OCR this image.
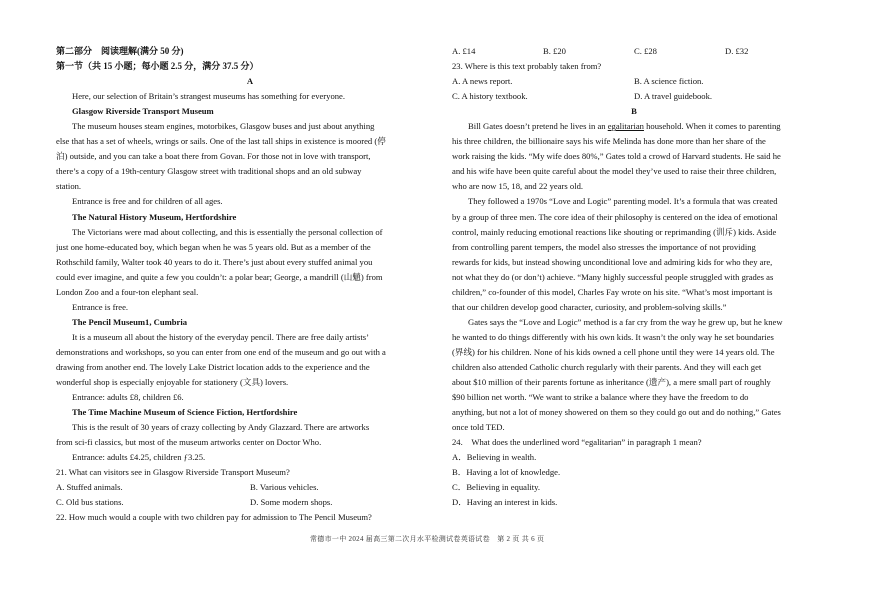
第二部分　阅读理解(满分 50 分)
第一节（共 15 小题；每小题 2.5 分，满分 37.5 分）
A
Here, our selection of Britain’s strangest museums has something for everyone.
Glasgow Riverside Transport Museum
The museum houses steam engines, motorbikes, Glasgow buses and just about anything
else that has a set of wheels, wrings or sails. One of the last tall ships in existence is moored (停
泊) outside, and you can take a boat there from Govan. For those not in love with transport,
there’s a copy of a 19th-century Glasgow street with traditional shops and an old subway
station.
Entrance is free and for children of all ages.
The Natural History Museum, Hertfordshire
The Victorians were mad about collecting, and this is essentially the personal collection of
just one home-educated boy, which began when he was 5 years old. But as a member of the
Rothschild family, Walter took 40 years to do it. There’s just about every stuffed animal you
could ever imagine, and quite a few you couldn’t: a polar bear; George, a mandrill (山魈) from
London Zoo and a four-ton elephant seal.
Entrance is free.
The Pencil Museum1, Cumbria
It is a museum all about the history of the everyday pencil. There are free daily artists’
demonstrations and workshops, so you can enter from one end of the museum and go out with a
drawing from another end. The lovely Lake District location adds to the experience and the
wonderful shop is especially enjoyable for stationery (文具) lovers.
Entrance: adults £8, children £6.
The Time Machine Museum of Science Fiction, Hertfordshire
This is the result of 30 years of crazy collecting by Andy Glazzard. There are artworks
from sci-fi classics, but most of the museum artworks center on Doctor Who.
Entrance: adults £4.25, children ƒ3.25.
21. What can visitors see in Glasgow Riverside Transport Museum?
A. Stuffed animals.	B. Various vehicles.
C. Old bus stations.	D. Some modern shops.
22. How much would a couple with two children pay for admission to The Pencil Museum?
A. £14	B. £20	C. £28	D. £32
23. Where is this text probably taken from?
A. A news report.	B. A science fiction.
C. A history textbook.	D. A travel guidebook.
B
Bill Gates doesn’t pretend he lives in an egalitarian household. When it comes to parenting
his three children, the billionaire says his wife Melinda has done more than her share of the
work raising the kids. “My wife does 80%,” Gates told a crowd of Harvard students. He said he
and his wife have been quite careful about the model they’ve used to raise their three children,
who are now 15, 18, and 22 years old.
They followed a 1970s “Love and Logic” parenting model. It’s a formula that was created
by a group of three men. The core idea of their philosophy is centered on the idea of emotional
control, mainly reducing emotional reactions like shouting or reprimanding (训斥) kids. Aside
from controlling parent tempers, the model also stresses the importance of not providing
rewards for kids, but instead showing unconditional love and admiring kids for who they are,
not what they do (or don’t) achieve. “Many highly successful people struggled with grades as
children,” co-founder of this model, Charles Fay wrote on his site. “What’s most important is
that our children develop good character, curiosity, and problem-solving skills.”
Gates says the “Love and Logic” method is a far cry from the way he grew up, but he knew
he wanted to do things differently with his own kids. It wasn’t the only way he set boundaries
(界线) for his children. None of his kids owned a cell phone until they were 14 years old. The
children also attended Catholic church regularly with their parents. And they will each get
about $10 million of their parents fortune as inheritance (遗产), a mere small part of roughly
$90 billion net worth. “We want to strike a balance where they have the freedom to do
anything, but not a lot of money showered on them so they could go out and do nothing,” Gates
once told TED.
24.　What does the underlined word “egalitarian” in paragraph 1 mean?
A．Believing in wealth.
B．Having a lot of knowledge.
C．Believing in equality.
D．Having an interest in kids.
常德市一中 2024 届高三第二次月水平检测试卷英语试卷　第 2 页 共 6 页
